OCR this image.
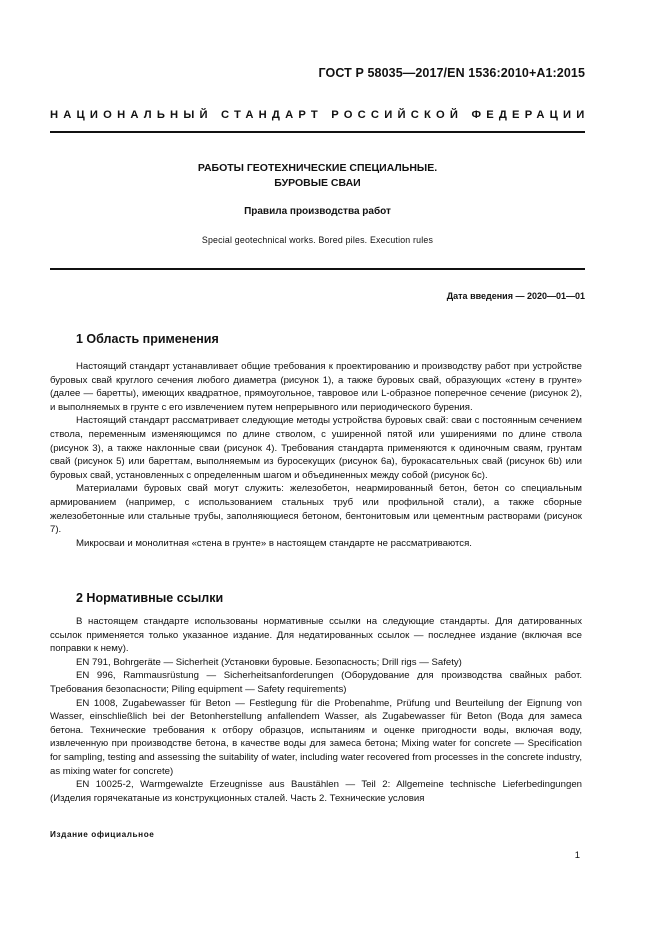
ГОСТ Р 58035—2017/EN 1536:2010+A1:2015
НАЦИОНАЛЬНЫЙ СТАНДАРТ РОССИЙСКОЙ ФЕДЕРАЦИИ
РАБОТЫ ГЕОТЕХНИЧЕСКИЕ СПЕЦИАЛЬНЫЕ.
БУРОВЫЕ СВАИ
Правила производства работ
Special geotechnical works. Bored piles. Execution rules
Дата введения — 2020—01—01
1 Область применения

Настоящий стандарт устанавливает общие требования к проектированию и производству работ при устройстве буровых свай круглого сечения любого диаметра (рисунок 1), а также буровых свай, образующих «стену в грунте» (далее — баретты), имеющих квадратное, прямоугольное, тавровое или L-образное поперечное сечение (рисунок 2), и выполняемых в грунте с его извлечением путем непрерывного или периодического бурения.

Настоящий стандарт рассматривает следующие методы устройства буровых свай: сваи с постоянным сечением ствола, переменным изменяющимся по длине стволом, с уширенной пятой или уширениями по длине ствола (рисунок 3), а также наклонные сваи (рисунок 4). Требования стандарта применяются к одиночным сваям, грунтам свай (рисунок 5) или бареттам, выполняемым из буросекущих (рисунок 6а), бурокасательных свай (рисунок 6b) или буровых свай, установленных с определенным шагом и объединенных между собой (рисунок 6с).

Материалами буровых свай могут служить: железобетон, неармированный бетон, бетон со специальным армированием (например, с использованием стальных труб или профильной стали), а также сборные железобетонные или стальные трубы, заполняющиеся бетоном, бентонитовым или цементным растворами (рисунок 7).

Микросваи и монолитная «стена в грунте» в настоящем стандарте не рассматриваются.

2 Нормативные ссылки

В настоящем стандарте использованы нормативные ссылки на следующие стандарты. Для датированных ссылок применяется только указанное издание. Для недатированных ссылок — последнее издание (включая все поправки к нему).

EN 791, Bohrgeräte — Sicherheit (Установки буровые. Безопасность; Drill rigs — Safety)

EN 996, Rammausrüstung — Sicherheitsanforderungen (Оборудование для производства свайных работ. Требования безопасности; Piling equipment — Safety requirements)

EN 1008, Zugabewasser für Beton — Festlegung für die Probenahme, Prüfung und Beurteilung der Eignung von Wasser, einschließlich bei der Betonherstellung anfallendem Wasser, als Zugabewasser für Beton (Вода для замеса бетона. Технические требования к отбору образцов, испытаниям и оценке пригодности воды, включая воду, извлеченную при производстве бетона, в качестве воды для замеса бетона; Mixing water for concrete — Specification for sampling, testing and assessing the suitability of water, including water recovered from processes in the concrete industry, as mixing water for concrete)

EN 10025-2, Warmgewalzte Erzeugnisse aus Baustählen — Teil 2: Allgemeine technische Lieferbedingungen (Изделия горячекатаные из конструкционных сталей. Часть 2. Технические условия

Издание официальное
1
